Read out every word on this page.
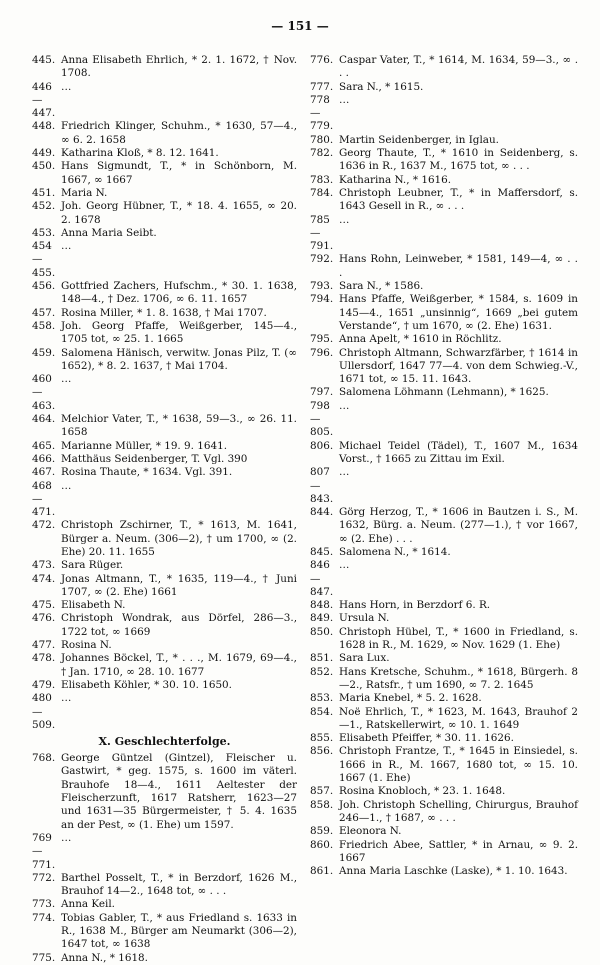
— 151 —
445. Anna Elisabeth Ehrlich, * 2. 1. 1672, † Nov. 1708.
446—447.
…
448. Friedrich Klinger, Schuhm., * 1630, 57—4., ∞ 6. 2. 1658
449. Katharina Kloß, * 8. 12. 1641.
450. Hans Sigmundt, T., * in Schönborn, M. 1667, ∞ 1667
451. Maria N.
452. Joh. Georg Hübner, T., * 18. 4. 1655, ∞ 20. 2. 1678
453. Anna Maria Seibt.
454—455.
…
456. Gottfried Zachers, Hufschm., * 30. 1. 1638, 148—4., † Dez. 1706, ∞ 6. 11. 1657
457. Rosina Miller, * 1. 8. 1638, † Mai 1707.
458. Joh. Georg Pfaffe, Weißgerber, 145—4., 1705 tot, ∞ 25. 1. 1665
459. Salomena Hänisch, verwitw. Jonas Pilz, T. (∞ 1652), * 8. 2. 1637, † Mai 1704.
460—463.
…
464. Melchior Vater, T., * 1638, 59—3., ∞ 26. 11. 1658
465. Marianne Müller, * 19. 9. 1641.
466. Matthäus Seidenberger, T. Vgl. 390
467. Rosina Thaute, * 1634. Vgl. 391.
468—471.
…
472. Christoph Zschirner, T., * 1613, M. 1641, Bürger a. Neum. (306—2), † um 1700, ∞ (2. Ehe) 20. 11. 1655
473. Sara Rüger.
474. Jonas Altmann, T., * 1635, 119—4., † Juni 1707, ∞ (2. Ehe) 1661
475. Elisabeth N.
476. Christoph Wondrak, aus Dörfel, 286—3., 1722 tot, ∞ 1669
477. Rosina N.
478. Johannes Böckel, T., * . . ., M. 1679, 69—4., † Jan. 1710, ∞ 28. 10. 1677
479. Elisabeth Köhler, * 30. 10. 1650.
480—509.
…
X. Geschlechterfolge.
768. George Güntzel (Gintzel), Fleischer u. Gastwirt, * geg. 1575, s. 1600 im väterl. Brauhofe 18—4., 1611 Aeltester der Fleischerzunft, 1617 Ratsherr, 1623—27 und 1631—35 Bürgermeister, † 5. 4. 1635 an der Pest, ∞ (1. Ehe) um 1597.
769—771.
…
772. Barthel Posselt, T., * in Berzdorf, 1626 M., Brauhof 14—2., 1648 tot, ∞ . . .
773. Anna Keil.
774. Tobias Gabler, T., * aus Friedland s. 1633 in R., 1638 M., Bürger am Neumarkt (306—2), 1647 tot, ∞ 1638
775. Anna N., * 1618.
776. Caspar Vater, T., * 1614, M. 1634, 59—3., ∞ . . .
777. Sara N., * 1615.
778—779.
…
780. Martin Seidenberger, in Iglau.
782. Georg Thaute, T., * 1610 in Seidenberg, s. 1636 in R., 1637 M., 1675 tot, ∞ . . .
783. Katharina N., * 1616.
784. Christoph Leubner, T., * in Maffersdorf, s. 1643 Gesell in R., ∞ . . .
785—791.
…
792. Hans Rohn, Leinweber, * 1581, 149—4, ∞ . . .
793. Sara N., * 1586.
794. Hans Pfaffe, Weißgerber, * 1584, s. 1609 in 145—4., 1651 „unsinnig“, 1669 „bei gutem Verstande“, † um 1670, ∞ (2. Ehe) 1631.
795. Anna Apelt, * 1610 in Röchlitz.
796. Christoph Altmann, Schwarzfärber, † 1614 in Ullersdorf, 1647 77—4. von dem Schwieg.-V., 1671 tot, ∞ 15. 11. 1643.
797. Salomena Löhmann (Lehmann), * 1625.
798—805.
…
806. Michael Teidel (Tädel), T., 1607 M., 1634 Vorst., † 1665 zu Zittau im Exil.
807—843.
…
844. Görg Herzog, T., * 1606 in Bautzen i. S., M. 1632, Bürg. a. Neum. (277—1.), † vor 1667, ∞ (2. Ehe) . . .
845. Salomena N., * 1614.
846—847.
…
848. Hans Horn, in Berzdorf 6. R.
849. Ursula N.
850. Christoph Hübel, T., * 1600 in Friedland, s. 1628 in R., M. 1629, ∞ Nov. 1629 (1. Ehe)
851. Sara Lux.
852. Hans Kretsche, Schuhm., * 1618, Bürgerh. 8—2., Ratsfr., † um 1690, ∞ 7. 2. 1645
853. Maria Knebel, * 5. 2. 1628.
854. Noë Ehrlich, T., * 1623, M. 1643, Brauhof 2—1., Ratskellerwirt, ∞ 10. 1. 1649
855. Elisabeth Pfeiffer, * 30. 11. 1626.
856. Christoph Frantze, T., * 1645 in Einsiedel, s. 1666 in R., M. 1667, 1680 tot, ∞ 15. 10. 1667 (1. Ehe)
857. Rosina Knobloch, * 23. 1. 1648.
858. Joh. Christoph Schelling, Chirurgus, Brauhof 246—1., † 1687, ∞ . . .
859. Eleonora N.
860. Friedrich Abee, Sattler, * in Arnau, ∞ 9. 2. 1667
861. Anna Maria Laschke (Laske), * 1. 10. 1643.
